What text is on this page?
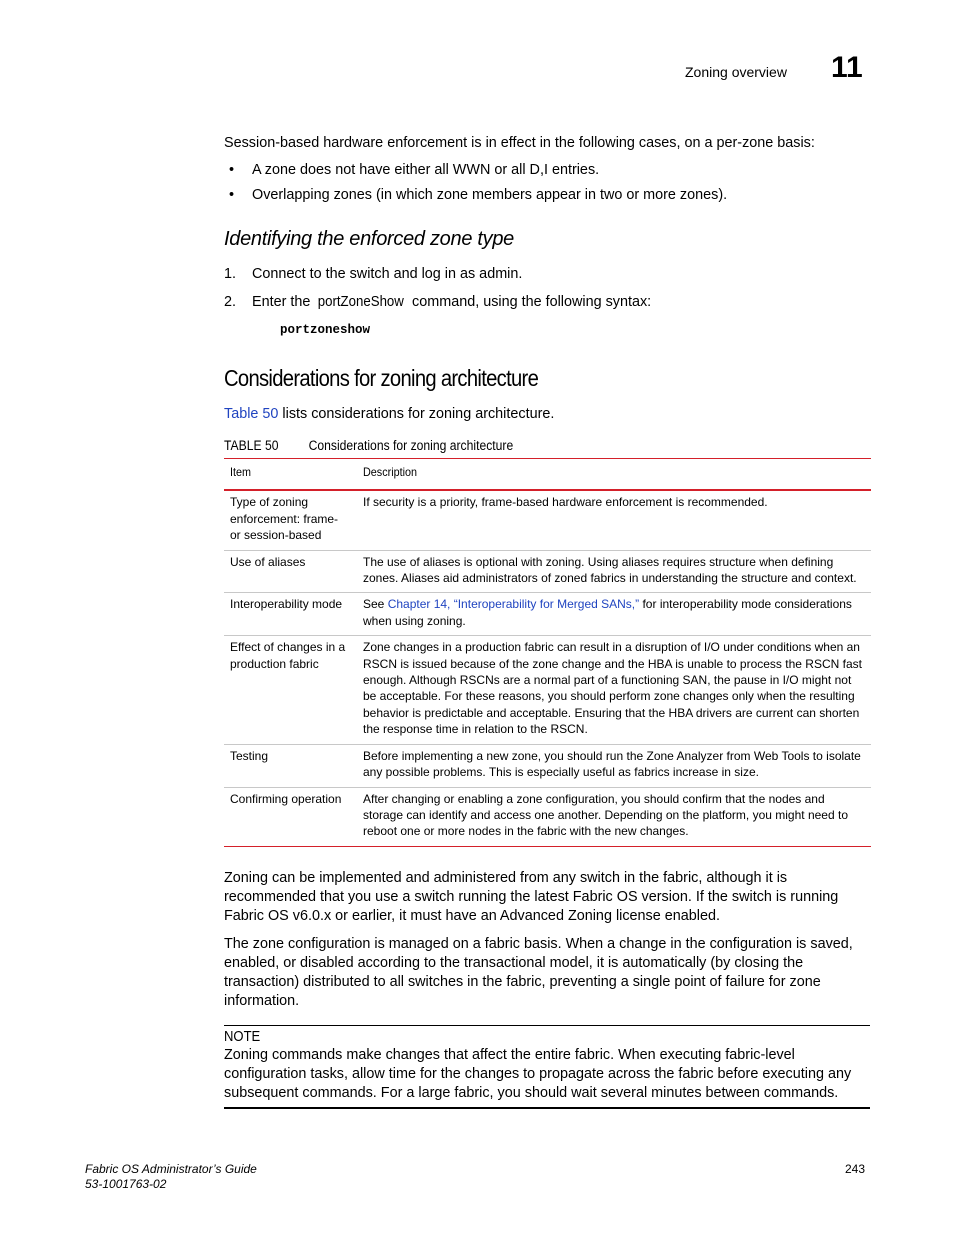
Zoning overview 11
Session-based hardware enforcement is in effect in the following cases, on a per-zone basis:
• A zone does not have either all WWN or all D,I entries.
• Overlapping zones (in which zone members appear in two or more zones).
Identifying the enforced zone type
1. Connect to the switch and log in as admin.
2. Enter the portZoneShow command, using the following syntax:
portzoneshow
Considerations for zoning architecture
Table 50 lists considerations for zoning architecture.
TABLE 50 Considerations for zoning architecture
Item	Description
Type of zoning enforcement: frame- or session-based	If security is a priority, frame-based hardware enforcement is recommended.
Use of aliases	The use of aliases is optional with zoning. Using aliases requires structure when defining zones. Aliases aid administrators of zoned fabrics in understanding the structure and context.
Interoperability mode	See Chapter 14, “Interoperability for Merged SANs,” for interoperability mode considerations when using zoning.
Effect of changes in a production fabric	Zone changes in a production fabric can result in a disruption of I/O under conditions when an RSCN is issued because of the zone change and the HBA is unable to process the RSCN fast enough. Although RSCNs are a normal part of a functioning SAN, the pause in I/O might not be acceptable. For these reasons, you should perform zone changes only when the resulting behavior is predictable and acceptable. Ensuring that the HBA drivers are current can shorten the response time in relation to the RSCN.
Testing	Before implementing a new zone, you should run the Zone Analyzer from Web Tools to isolate any possible problems. This is especially useful as fabrics increase in size.
Confirming operation	After changing or enabling a zone configuration, you should confirm that the nodes and storage can identify and access one another. Depending on the platform, you might need to reboot one or more nodes in the fabric with the new changes.
Zoning can be implemented and administered from any switch in the fabric, although it is recommended that you use a switch running the latest Fabric OS version. If the switch is running Fabric OS v6.0.x or earlier, it must have an Advanced Zoning license enabled.
The zone configuration is managed on a fabric basis. When a change in the configuration is saved, enabled, or disabled according to the transactional model, it is automatically (by closing the transaction) distributed to all switches in the fabric, preventing a single point of failure for zone information.
NOTE
Zoning commands make changes that affect the entire fabric. When executing fabric-level configuration tasks, allow time for the changes to propagate across the fabric before executing any subsequent commands. For a large fabric, you should wait several minutes between commands.
Fabric OS Administrator’s Guide
53-1001763-02
243
